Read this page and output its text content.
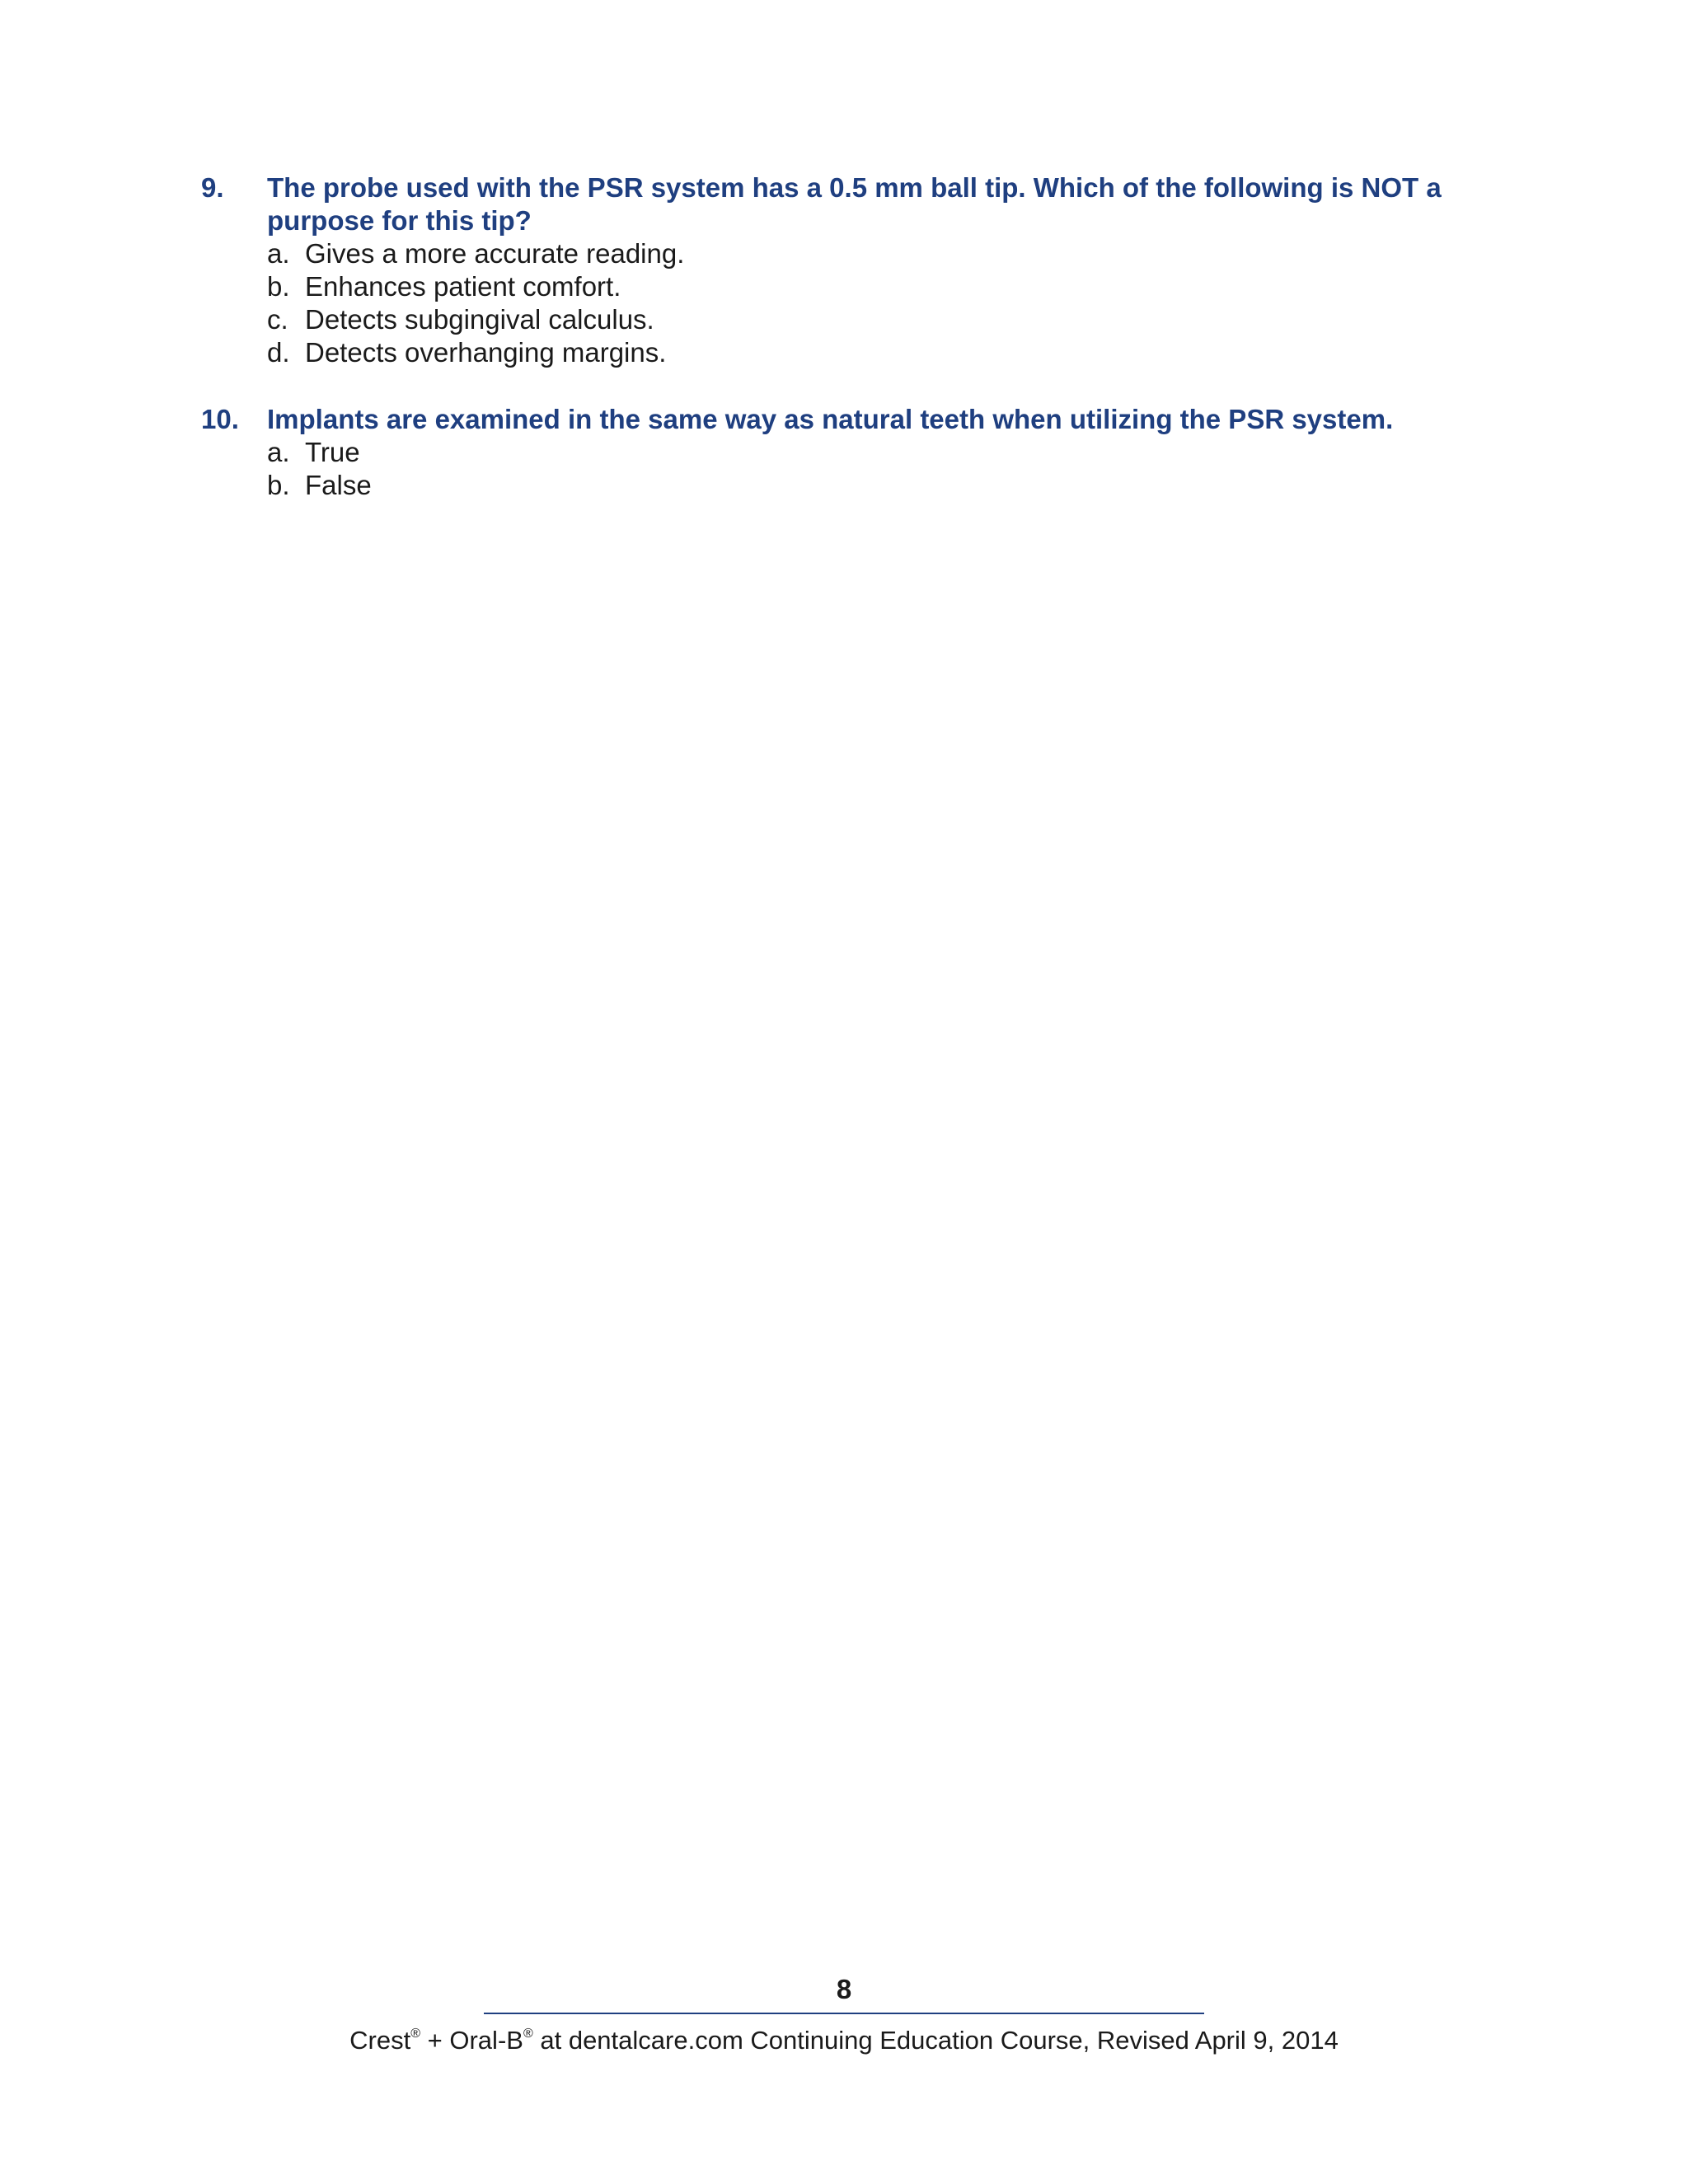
9. The probe used with the PSR system has a 0.5 mm ball tip. Which of the following is NOT a purpose for this tip?
a. Gives a more accurate reading.
b. Enhances patient comfort.
c. Detects subgingival calculus.
d. Detects overhanging margins.
10. Implants are examined in the same way as natural teeth when utilizing the PSR system.
a. True
b. False
8
Crest® + Oral-B® at dentalcare.com Continuing Education Course, Revised April 9, 2014
